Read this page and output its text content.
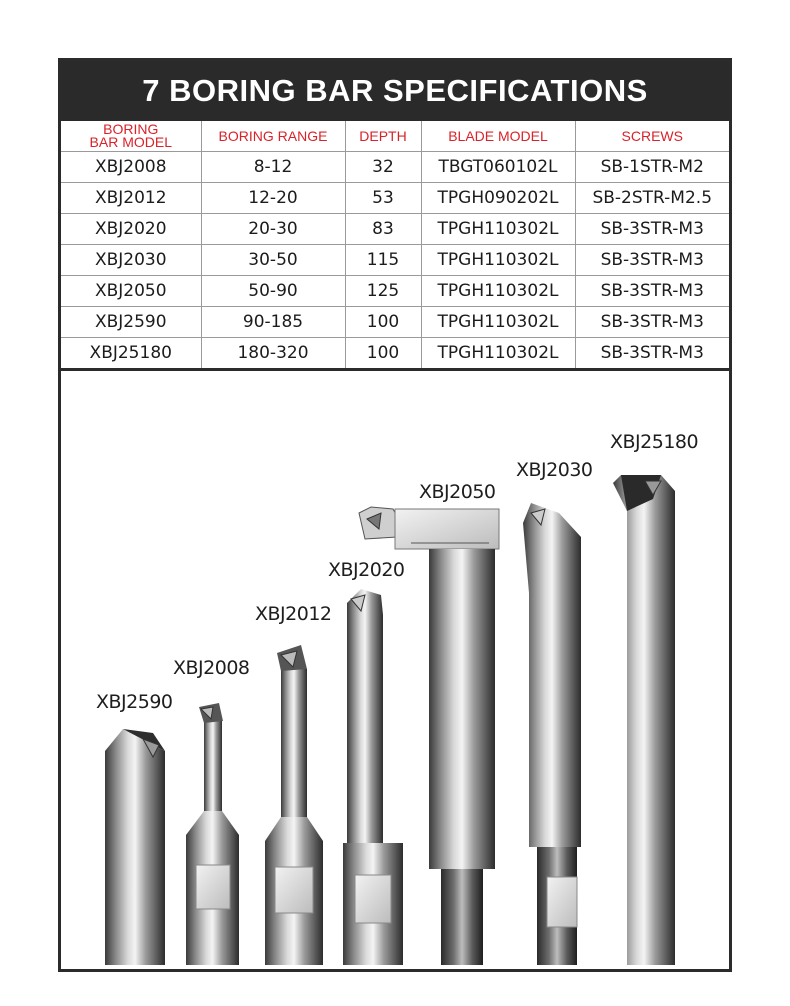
7 BORING BAR SPECIFICATIONS
BORING
BAR MODEL	BORING RANGE	DEPTH	BLADE MODEL	SCREWS
XBJ2008	8-12	32	TBGT060102L	SB-1STR-M2
XBJ2012	12-20	53	TPGH090202L	SB-2STR-M2.5
XBJ2020	20-30	83	TPGH110302L	SB-3STR-M3
XBJ2030	30-50	115	TPGH110302L	SB-3STR-M3
XBJ2050	50-90	125	TPGH110302L	SB-3STR-M3
XBJ2590	90-185	100	TPGH110302L	SB-3STR-M3
XBJ25180	180-320	100	TPGH110302L	SB-3STR-M3
XBJ2590
XBJ2008
XBJ2012
XBJ2020
XBJ2050
XBJ2030
XBJ25180
